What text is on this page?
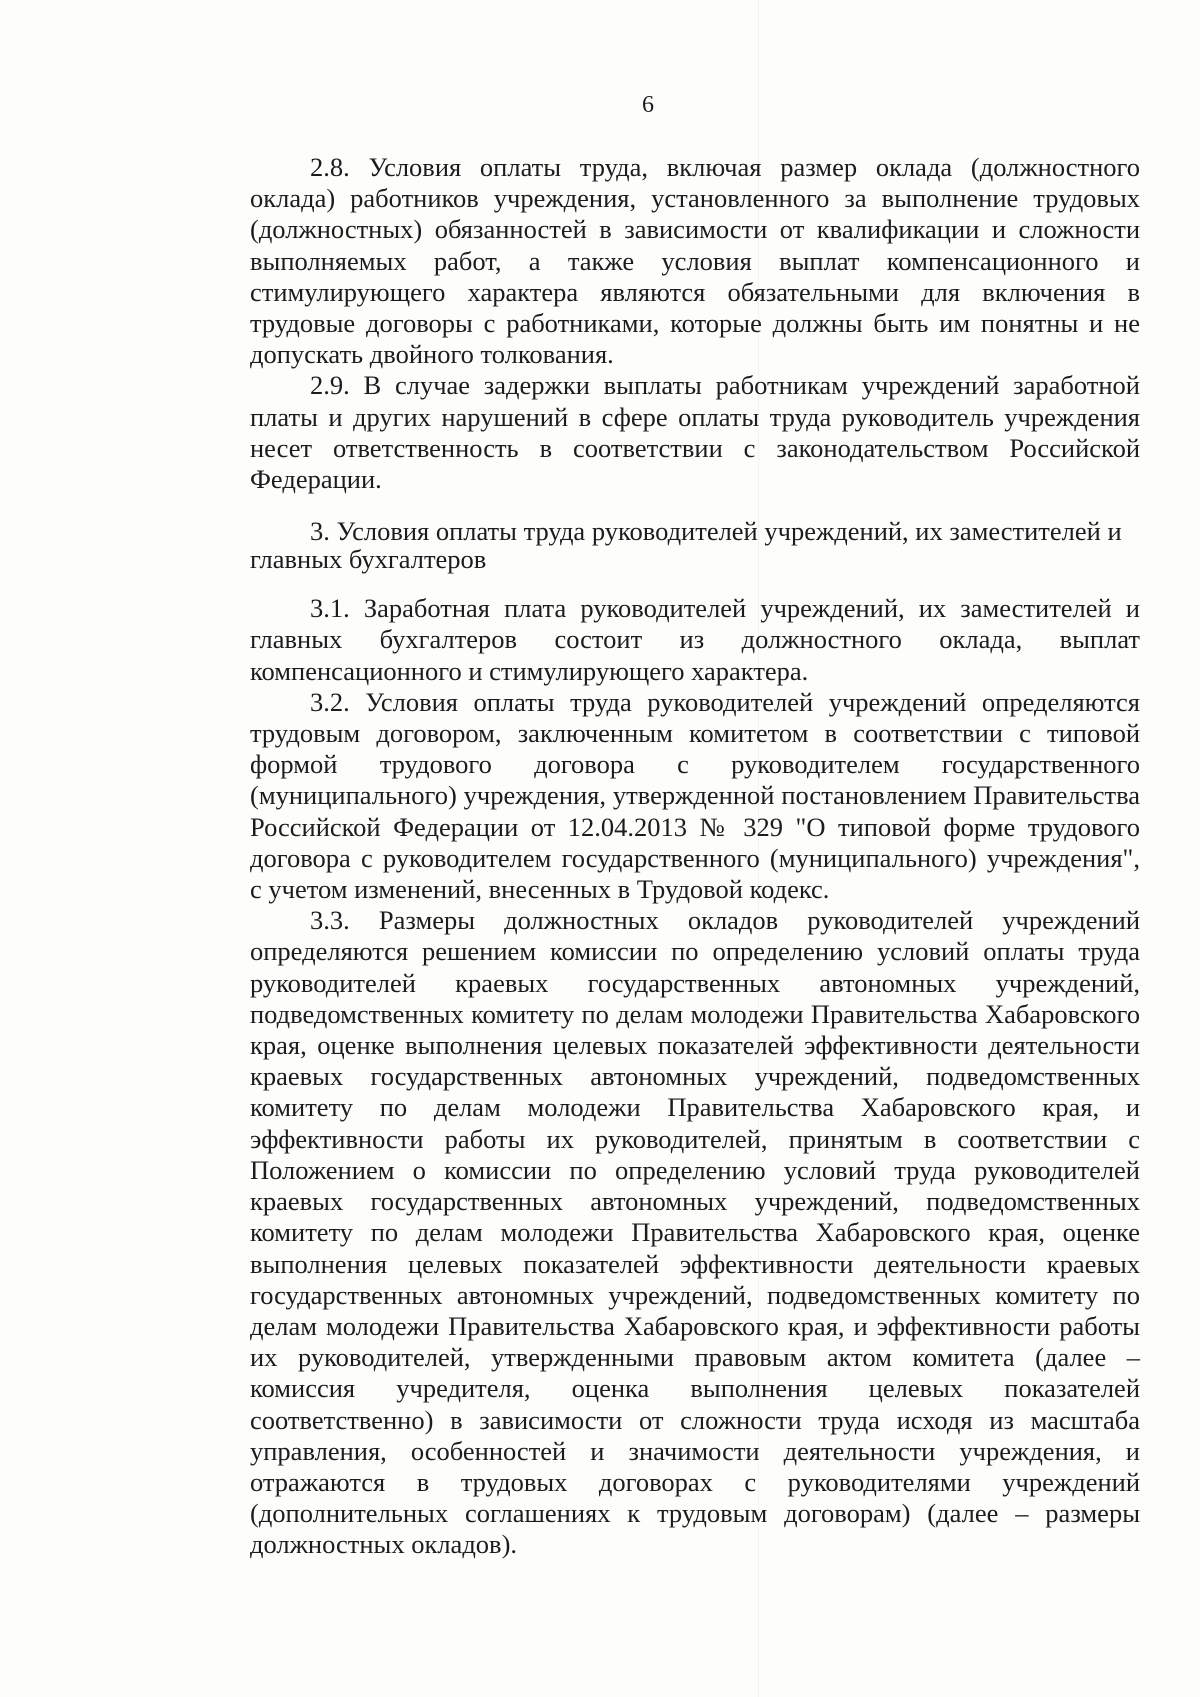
6

2.8. Условия оплаты труда, включая размер оклада (должностного оклада) работников учреждения, установленного за выполнение трудовых (должностных) обязанностей в зависимости от квалификации и сложности выполняемых работ, а также условия выплат компенсационного и стимулирующего характера являются обязательными для включения в трудовые договоры с работниками, которые должны быть им понятны и не допускать двойного толкования.

2.9. В случае задержки выплаты работникам учреждений заработной платы и других нарушений в сфере оплаты труда руководитель учреждения несет ответственность в соответствии с законодательством Российской Федерации.

3. Условия оплаты труда руководителей учреждений, их заместителей и главных бухгалтеров

3.1. Заработная плата руководителей учреждений, их заместителей и главных бухгалтеров состоит из должностного оклада, выплат компенсационного и стимулирующего характера.

3.2. Условия оплаты труда руководителей учреждений определяются трудовым договором, заключенным комитетом в соответствии с типовой формой трудового договора с руководителем государственного (муниципального) учреждения, утвержденной постановлением Правительства Российской Федерации от 12.04.2013 № 329 "О типовой форме трудового договора с руководителем государственного (муниципального) учреждения", с учетом изменений, внесенных в Трудовой кодекс.

3.3. Размеры должностных окладов руководителей учреждений определяются решением комиссии по определению условий оплаты труда руководителей краевых государственных автономных учреждений, подведомственных комитету по делам молодежи Правительства Хабаровского края, оценке выполнения целевых показателей эффективности деятельности краевых государственных автономных учреждений, подведомственных комитету по делам молодежи Правительства Хабаровского края, и эффективности работы их руководителей, принятым в соответствии с Положением о комиссии по определению условий труда руководителей краевых государственных автономных учреждений, подведомственных комитету по делам молодежи Правительства Хабаровского края, оценке выполнения целевых показателей эффективности деятельности краевых государственных автономных учреждений, подведомственных комитету по делам молодежи Правительства Хабаровского края, и эффективности работы их руководителей, утвержденными правовым актом комитета (далее – комиссия учредителя, оценка выполнения целевых показателей соответственно) в зависимости от сложности труда исходя из масштаба управления, особенностей и значимости деятельности учреждения, и отражаются в трудовых договорах с руководителями учреждений (дополнительных соглашениях к трудовым договорам) (далее – размеры должностных окладов).
